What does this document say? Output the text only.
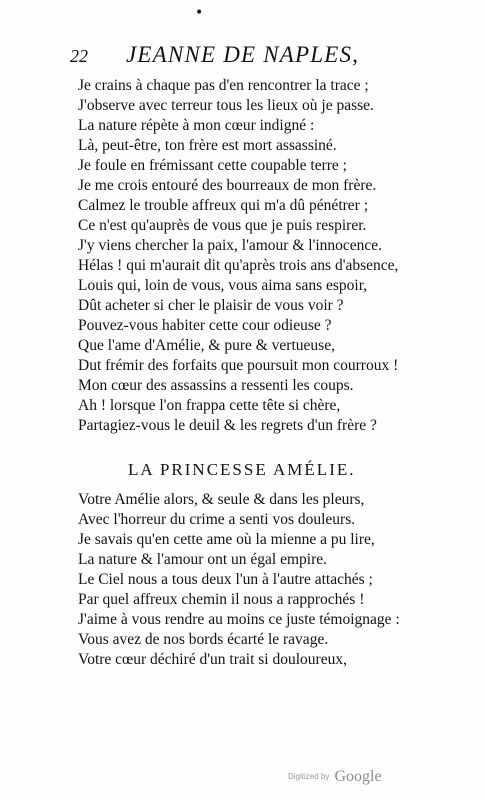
•
22 JEANNE DE NAPLES,
Je crains à chaque pas d'en rencontrer la trace ;
J'observe avec terreur tous les lieux où je passe.
La nature répète à mon cœur indigné :
Là, peut-être, ton frère est mort assassiné.
Je foule en frémissant cette coupable terre ;
Je me crois entouré des bourreaux de mon frère.
Calmez le trouble affreux qui m'a dû pénétrer ;
Ce n'est qu'auprès de vous que je puis respirer.
J'y viens chercher la paix, l'amour & l'innocence.
Hélas ! qui m'aurait dit qu'après trois ans d'absence,
Louis qui, loin de vous, vous aima sans espoir,
Dût acheter si cher le plaisir de vous voir ?
Pouvez-vous habiter cette cour odieuse ?
Que l'ame d'Amélie, & pure & vertueuse,
Dut frémir des forfaits que poursuit mon courroux !
Mon cœur des assassins a ressenti les coups.
Ah ! lorsque l'on frappa cette tête si chère,
Partagiez-vous le deuil & les regrets d'un frère ?
LA PRINCESSE AMÉLIE.
Votre Amélie alors, & seule & dans les pleurs,
Avec l'horreur du crime a senti vos douleurs.
Je savais qu'en cette ame où la mienne a pu lire,
La nature & l'amour ont un égal empire.
Le Ciel nous a tous deux l'un à l'autre attachés ;
Par quel affreux chemin il nous a rapprochés !
J'aime à vous rendre au moins ce juste témoignage :
Vous avez de nos bords écarté le ravage.
Votre cœur déchiré d'un trait si douloureux,
Digitized by Google
